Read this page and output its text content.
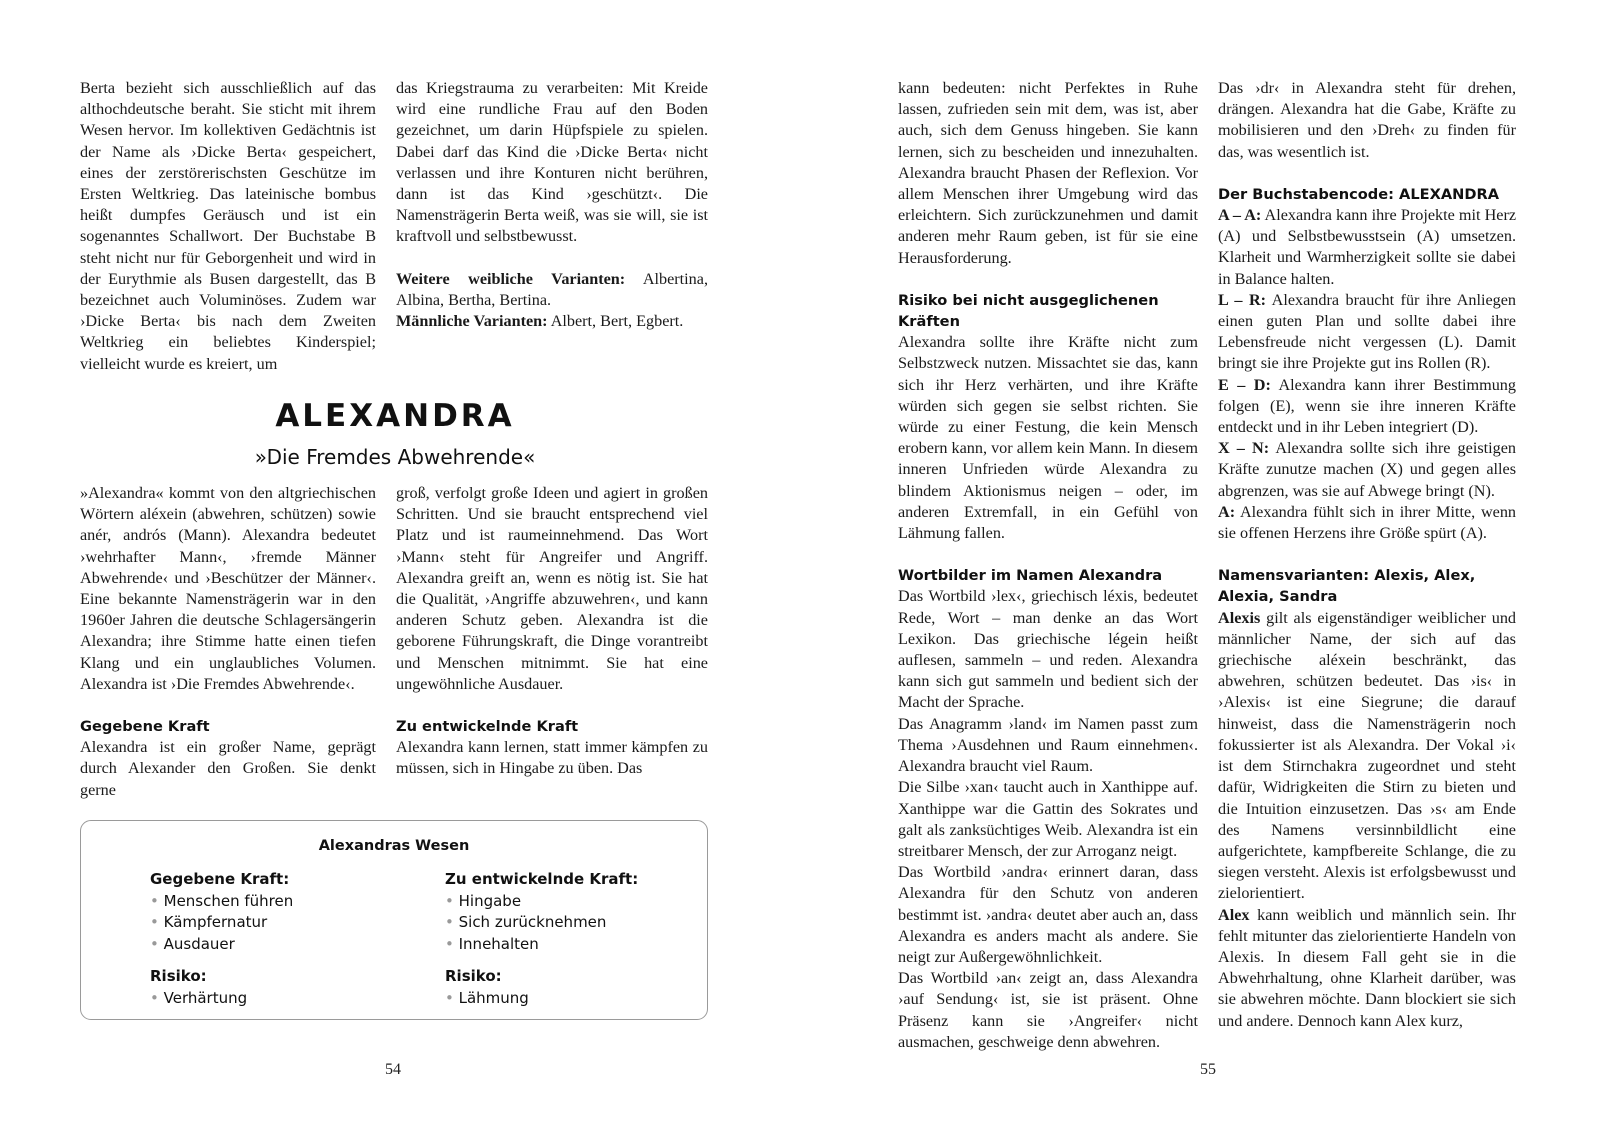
Berta bezieht sich ausschließlich auf das althochdeutsche beraht. Sie sticht mit ihrem Wesen hervor. Im kollektiven Gedächtnis ist der Name als ›Dicke Berta‹ gespeichert, eines der zerstörerischsten Geschütze im Ersten Weltkrieg. Das lateinische bombus heißt dumpfes Geräusch und ist ein sogenanntes Schallwort. Der Buchstabe B steht nicht nur für Geborgenheit und wird in der Eurythmie als Busen dargestellt, das B bezeichnet auch Voluminöses. Zudem war ›Dicke Berta‹ bis nach dem Zweiten Weltkrieg ein beliebtes Kinderspiel; vielleicht wurde es kreiert, um

das Kriegstrauma zu verarbeiten: Mit Kreide wird eine rundliche Frau auf den Boden gezeichnet, um darin Hüpfspiele zu spielen. Dabei darf das Kind die ›Dicke Berta‹ nicht verlassen und ihre Konturen nicht berühren, dann ist das Kind ›geschützt‹. Die Namensträgerin Berta weiß, was sie will, sie ist kraftvoll und selbstbewusst.

Weitere weibliche Varianten: Albertina, Albina, Bertha, Bertina.

Männliche Varianten: Albert, Bert, Egbert.

ALEXANDRA

»Die Fremdes Abwehrende«

»Alexandra« kommt von den altgriechischen Wörtern aléxein (abwehren, schützen) sowie anér, andrós (Mann). Alexandra bedeutet ›wehrhafter Mann‹, ›fremde Männer Abwehrende‹ und ›Beschützer der Männer‹. Eine bekannte Namensträgerin war in den 1960er Jahren die deutsche Schlagersängerin Alexandra; ihre Stimme hatte einen tiefen Klang und ein unglaubliches Volumen. Alexandra ist ›Die Fremdes Abwehrende‹.

Gegebene Kraft

Alexandra ist ein großer Name, geprägt durch Alexander den Großen. Sie denkt gerne

groß, verfolgt große Ideen und agiert in großen Schritten. Und sie braucht entsprechend viel Platz und ist raumeinnehmend. Das Wort ›Mann‹ steht für Angreifer und Angriff. Alexandra greift an, wenn es nötig ist. Sie hat die Qualität, ›Angriffe abzuwehren‹, und kann anderen Schutz geben. Alexandra ist die geborene Führungskraft, die Dinge vorantreibt und Menschen mitnimmt. Sie hat eine ungewöhnliche Ausdauer.

Zu entwickelnde Kraft

Alexandra kann lernen, statt immer kämpfen zu müssen, sich in Hingabe zu üben. Das

Alexandras Wesen
Gegebene Kraft:
• Menschen führen
• Kämpfernatur
• Ausdauer
Risiko:
• Verhärtung
Zu entwickelnde Kraft:
• Hingabe
• Sich zurücknehmen
• Innehalten
Risiko:
• Lähmung
54

kann bedeuten: nicht Perfektes in Ruhe lassen, zufrieden sein mit dem, was ist, aber auch, sich dem Genuss hingeben. Sie kann lernen, sich zu bescheiden und innezuhalten. Alexandra braucht Phasen der Reflexion. Vor allem Menschen ihrer Umgebung wird das erleichtern. Sich zurückzunehmen und damit anderen mehr Raum geben, ist für sie eine Herausforderung.

Risiko bei nicht ausgeglichenen Kräften

Alexandra sollte ihre Kräfte nicht zum Selbstzweck nutzen. Missachtet sie das, kann sich ihr Herz verhärten, und ihre Kräfte würden sich gegen sie selbst richten. Sie würde zu einer Festung, die kein Mensch erobern kann, vor allem kein Mann. In diesem inneren Unfrieden würde Alexandra zu blindem Aktionismus neigen – oder, im anderen Extremfall, in ein Gefühl von Lähmung fallen.

Wortbilder im Namen Alexandra

Das Wortbild ›lex‹, griechisch léxis, bedeutet Rede, Wort – man denke an das Wort Lexikon. Das griechische légein heißt auflesen, sammeln – und reden. Alexandra kann sich gut sammeln und bedient sich der Macht der Sprache.

Das Anagramm ›land‹ im Namen passt zum Thema ›Ausdehnen und Raum einnehmen‹. Alexandra braucht viel Raum.

Die Silbe ›xan‹ taucht auch in Xanthippe auf. Xanthippe war die Gattin des Sokrates und galt als zanksüchtiges Weib. Alexandra ist ein streitbarer Mensch, der zur Arroganz neigt.

Das Wortbild ›andra‹ erinnert daran, dass Alexandra für den Schutz von anderen bestimmt ist. ›andra‹ deutet aber auch an, dass Alexandra es anders macht als andere. Sie neigt zur Außergewöhnlichkeit.

Das Wortbild ›an‹ zeigt an, dass Alexandra ›auf Sendung‹ ist, sie ist präsent. Ohne Präsenz kann sie ›Angreifer‹ nicht ausmachen, geschweige denn abwehren.

Das ›dr‹ in Alexandra steht für drehen, drängen. Alexandra hat die Gabe, Kräfte zu mobilisieren und den ›Dreh‹ zu finden für das, was wesentlich ist.

Der Buchstabencode: ALEXANDRA

A – A: Alexandra kann ihre Projekte mit Herz (A) und Selbstbewusstsein (A) umsetzen. Klarheit und Warmherzigkeit sollte sie dabei in Balance halten.

L – R: Alexandra braucht für ihre Anliegen einen guten Plan und sollte dabei ihre Lebensfreude nicht vergessen (L). Damit bringt sie ihre Projekte gut ins Rollen (R).

E – D: Alexandra kann ihrer Bestimmung folgen (E), wenn sie ihre inneren Kräfte entdeckt und in ihr Leben integriert (D).

X – N: Alexandra sollte sich ihre geistigen Kräfte zunutze machen (X) und gegen alles abgrenzen, was sie auf Abwege bringt (N).

A: Alexandra fühlt sich in ihrer Mitte, wenn sie offenen Herzens ihre Größe spürt (A).

Namensvarianten: Alexis, Alex, Alexia, Sandra

Alexis gilt als eigenständiger weiblicher und männlicher Name, der sich auf das griechische aléxein beschränkt, das abwehren, schützen bedeutet. Das ›is‹ in ›Alexis‹ ist eine Siegrune; die darauf hinweist, dass die Namensträgerin noch fokussierter ist als Alexandra. Der Vokal ›i‹ ist dem Stirnchakra zugeordnet und steht dafür, Widrigkeiten die Stirn zu bieten und die Intuition einzusetzen. Das ›s‹ am Ende des Namens versinnbildlicht eine aufgerichtete, kampfbereite Schlange, die zu siegen versteht. Alexis ist erfolgsbewusst und zielorientiert.

Alex kann weiblich und männlich sein. Ihr fehlt mitunter das zielorientierte Handeln von Alexis. In diesem Fall geht sie in die Abwehrhaltung, ohne Klarheit darüber, was sie abwehren möchte. Dann blockiert sie sich und andere. Dennoch kann Alex kurz,

55
